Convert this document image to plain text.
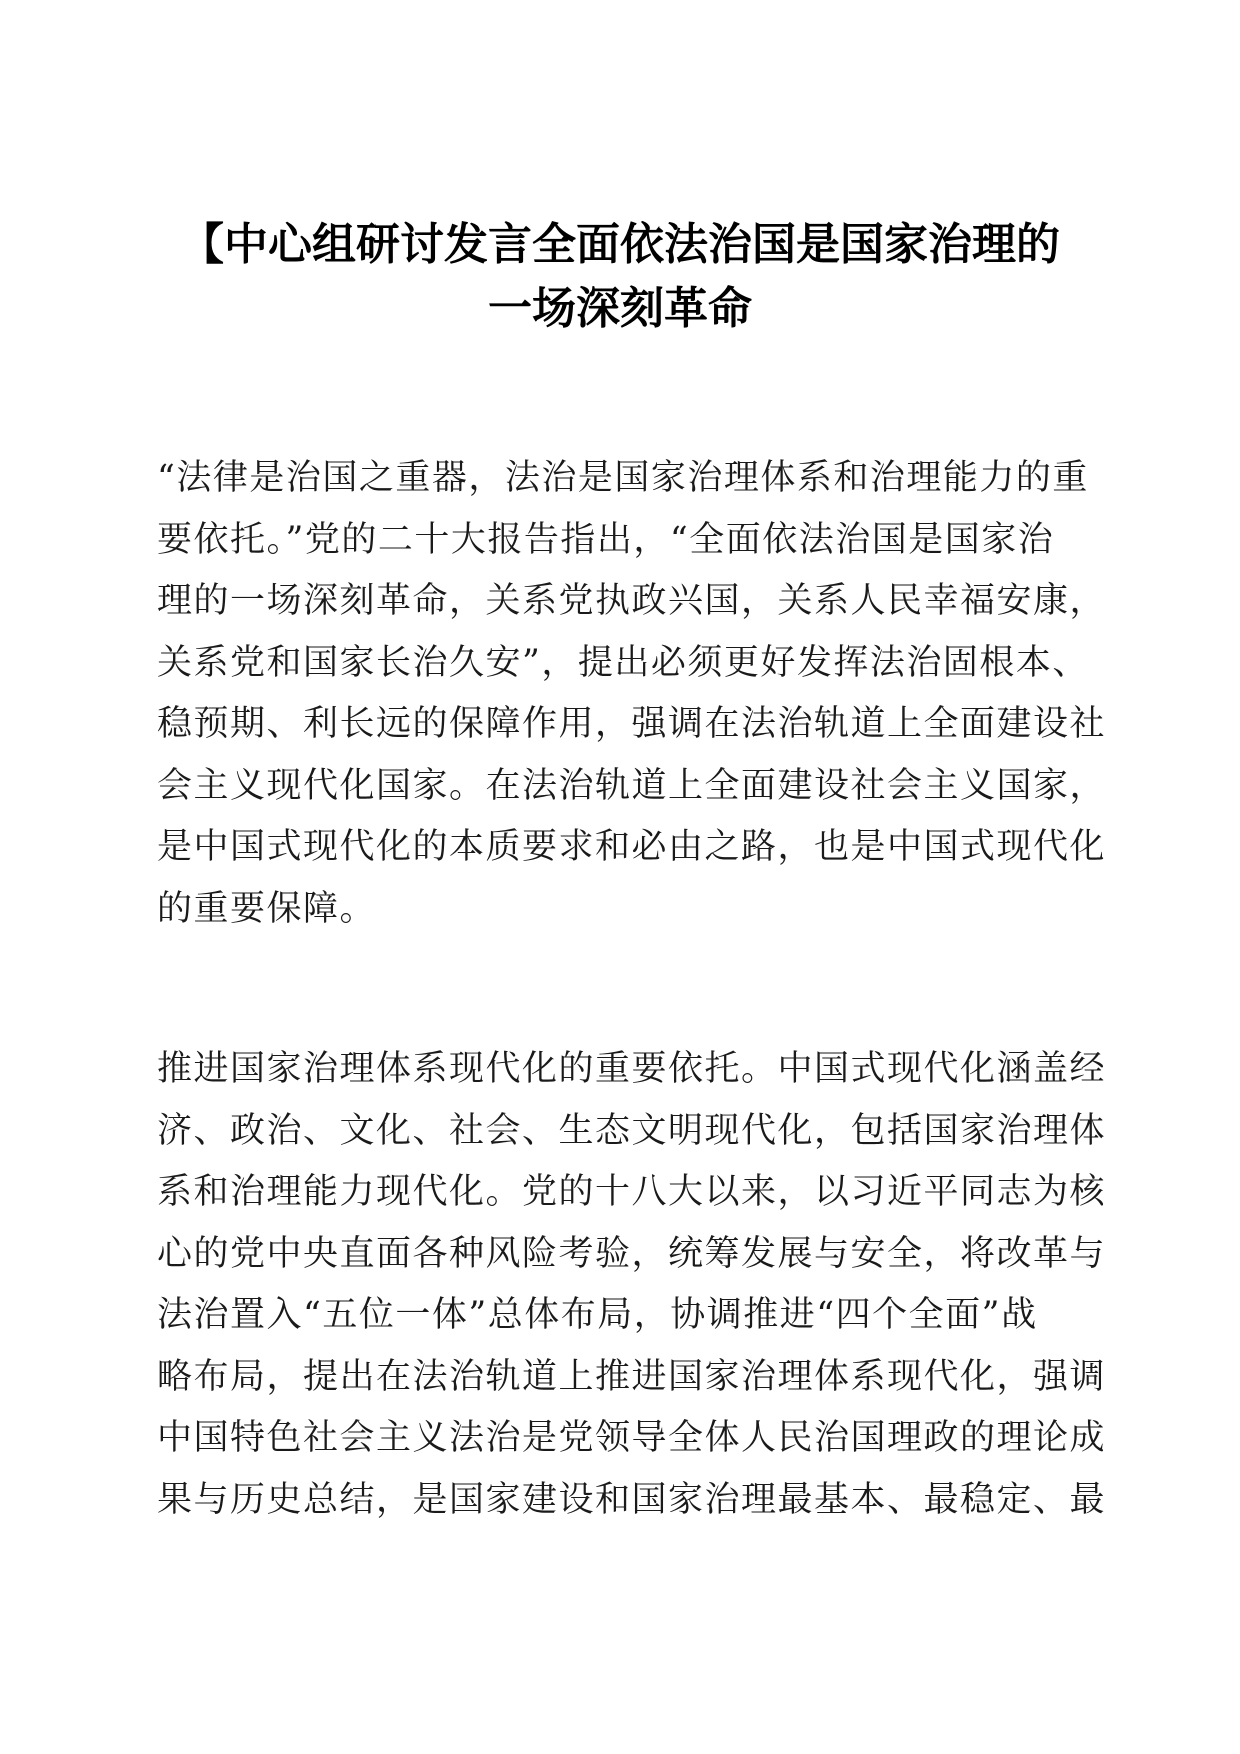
【中心组研讨发言全面依法治国是国家治理的
一场深刻革命

“法律是治国之重器，法治是国家治理体系和治理能力的重
要依托。”党的二十大报告指出，“全面依法治国是国家治
理的一场深刻革命，关系党执政兴国，关系人民幸福安康，
关系党和国家长治久安”，提出必须更好发挥法治固根本、
稳预期、利长远的保障作用，强调在法治轨道上全面建设社
会主义现代化国家。在法治轨道上全面建设社会主义国家，
是中国式现代化的本质要求和必由之路，也是中国式现代化
的重要保障。

推进国家治理体系现代化的重要依托。中国式现代化涵盖经
济、政治、文化、社会、生态文明现代化，包括国家治理体
系和治理能力现代化。党的十八大以来，以习近平同志为核
心的党中央直面各种风险考验，统筹发展与安全，将改革与
法治置入“五位一体”总体布局，协调推进“四个全面”战
略布局，提出在法治轨道上推进国家治理体系现代化，强调
中国特色社会主义法治是党领导全体人民治国理政的理论成
果与历史总结，是国家建设和国家治理最基本、最稳定、最
